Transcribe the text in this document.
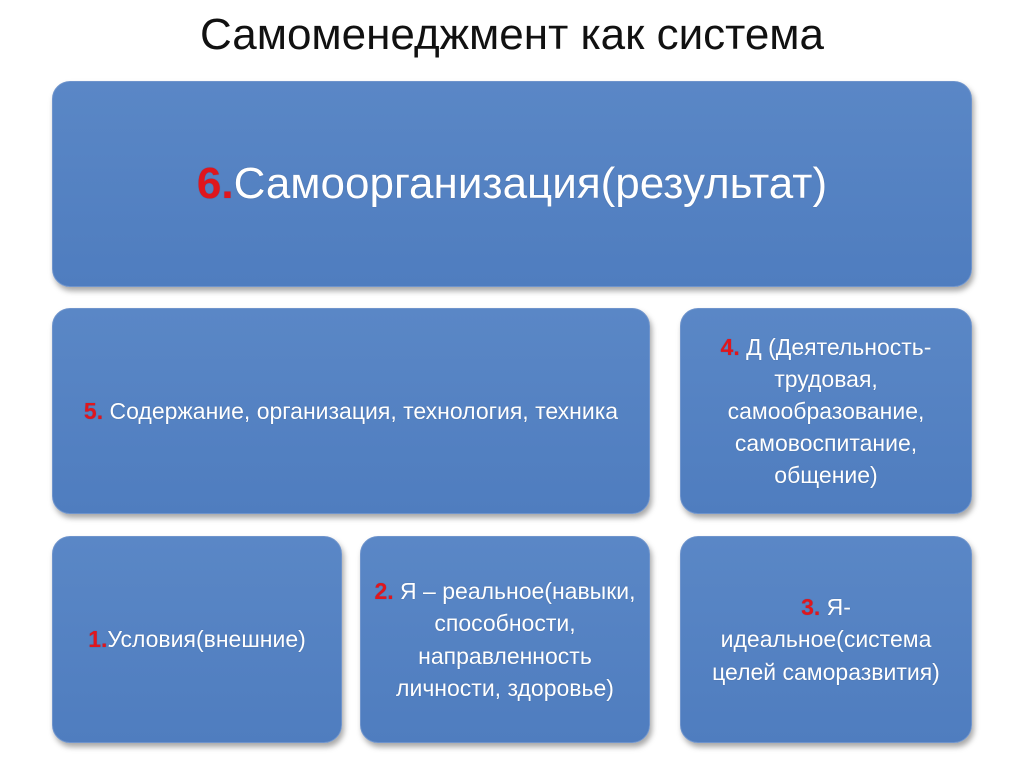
Самоменеджмент как система
6.Самоорганизация(результат)
5. Содержание, организация, технология, техника
4. Д (Деятельность-трудовая, самообразование, самовоспитание, общение)
1.Условия(внешние)
2. Я – реальное(навыки, способности, направленность личности, здоровье)
3. Я-идеальное(система целей саморазвития)
